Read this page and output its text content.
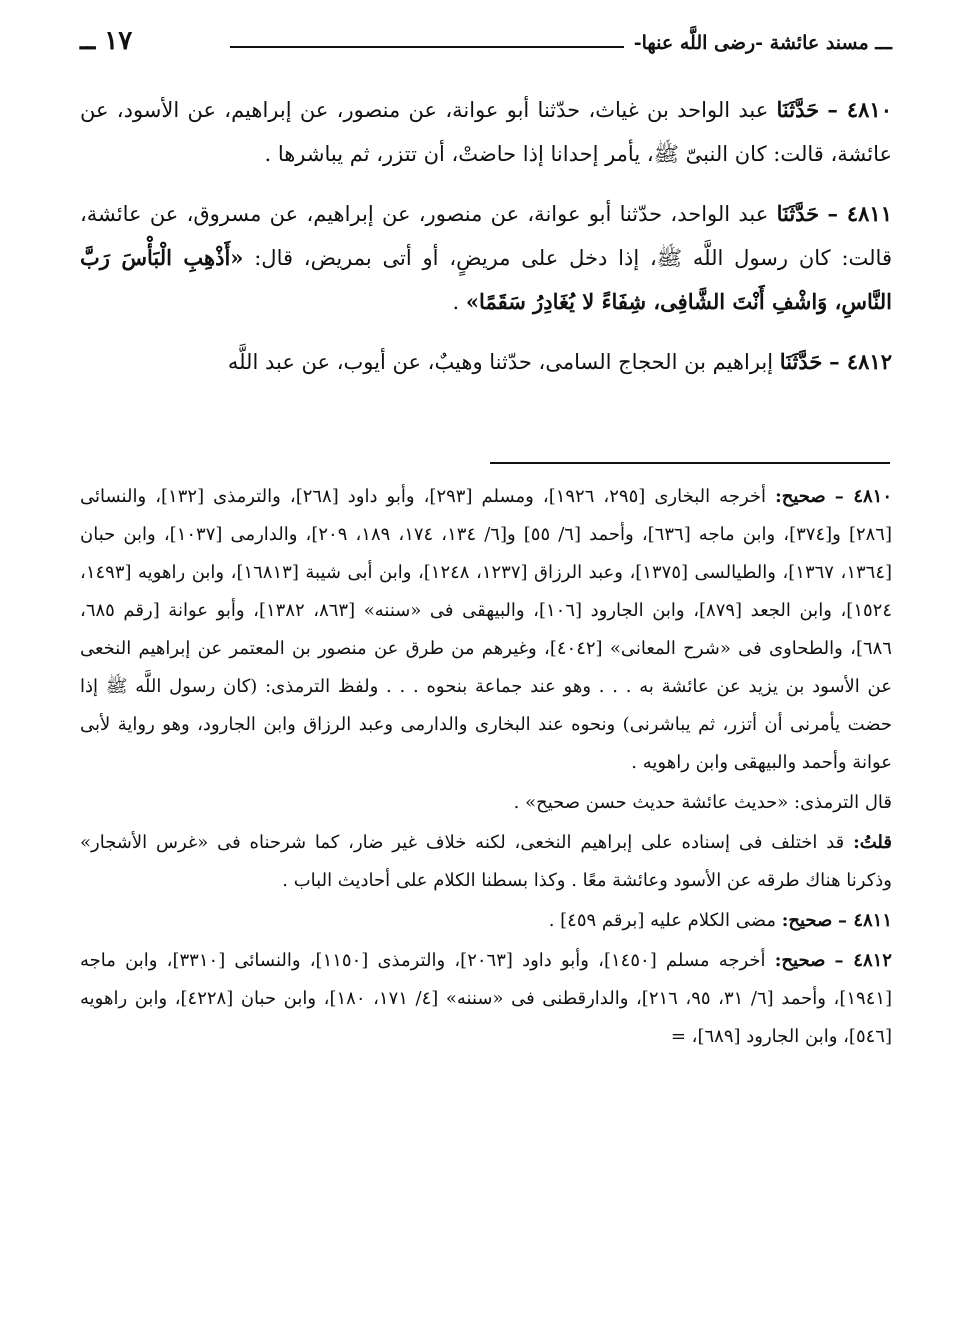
ـــ مسند عائشة -رضى اللَّه عنها-
١٧ ــ

٤٨١٠ – حَدَّثَنَا عبد الواحد بن غياث، حدّثنا أبو عوانة، عن منصور، عن إبراهيم، عن الأسود، عن عائشة، قالت: كان النبىّ ﷺ، يأمر إحدانا إذا حاضتْ، أن تتزر، ثم يباشرها .

٤٨١١ – حَدَّثَنَا عبد الواحد، حدّثنا أبو عوانة، عن منصور، عن إبراهيم، عن مسروق، عن عائشة، قالت: كان رسول اللَّه ﷺ، إذا دخل على مريضٍ، أو أتى بمريض، قال: «أَذْهِبِ الْبَأْسَ رَبَّ النَّاسِ، وَاشْفِ أَنْتَ الشَّافِى، شِفَاءً لا يُغَادِرُ سَقَمًا» .

٤٨١٢ – حَدَّثَنَا إبراهيم بن الحجاج السامى، حدّثنا وهيبٌ، عن أيوب، عن عبد اللَّه

٤٨١٠ – صحيح: أخرجه البخارى [٢٩٥، ١٩٢٦]، ومسلم [٢٩٣]، وأبو داود [٢٦٨]، والترمذى [١٣٢]، والنسائى [٢٨٦] و[٣٧٤]، وابن ماجه [٦٣٦]، وأحمد [٦/ ٥٥] و[٦/ ١٣٤، ١٧٤، ١٨٩، ٢٠٩]، والدارمى [١٠٣٧]، وابن حبان [١٣٦٤، ١٣٦٧]، والطيالسى [١٣٧٥]، وعبد الرزاق [١٢٣٧، ١٢٤٨]، وابن أبى شيبة [١٦٨١٣]، وابن راهويه [١٤٩٣، ١٥٢٤]، وابن الجعد [٨٧٩]، وابن الجارود [١٠٦]، والبيهقى فى «سننه» [٨٦٣، ١٣٨٢]، وأبو عوانة [رقم ٦٨٥، ٦٨٦]، والطحاوى فى «شرح المعانى» [٤٠٤٢]، وغيرهم من طرق عن منصور بن المعتمر عن إبراهيم النخعى عن الأسود بن يزيد عن عائشة به . . . وهو عند جماعة بنحوه . . . ولفظ الترمذى: (كان رسول اللَّه ﷺ إذا حضت يأمرنى أن أتزر، ثم يباشرنى) ونحوه عند البخارى والدارمى وعبد الرزاق وابن الجارود، وهو رواية لأبى عوانة وأحمد والبيهقى وابن راهويه .

قال الترمذى: «حديث عائشة حديث حسن صحيح» .

قلتُ: قد اختلف فى إسناده على إبراهيم النخعى، لكنه خلاف غير ضار، كما شرحناه فى «غرس الأشجار» وذكرنا هناك طرقه عن الأسود وعائشة معًا . وكذا بسطنا الكلام على أحاديث الباب .

٤٨١١ – صحيح: مضى الكلام عليه [برقم ٤٥٩] .

٤٨١٢ – صحيح: أخرجه مسلم [١٤٥٠]، وأبو داود [٢٠٦٣]، والترمذى [١١٥٠]، والنسائى [٣٣١٠]، وابن ماجه [١٩٤١]، وأحمد [٦/ ٣١، ٩٥، ٢١٦]، والدارقطنى فى «سننه» [٤/ ١٧١، ١٨٠]، وابن حبان [٤٢٢٨]، وابن راهويه [٥٤٦]، وابن الجارود [٦٨٩]، =
